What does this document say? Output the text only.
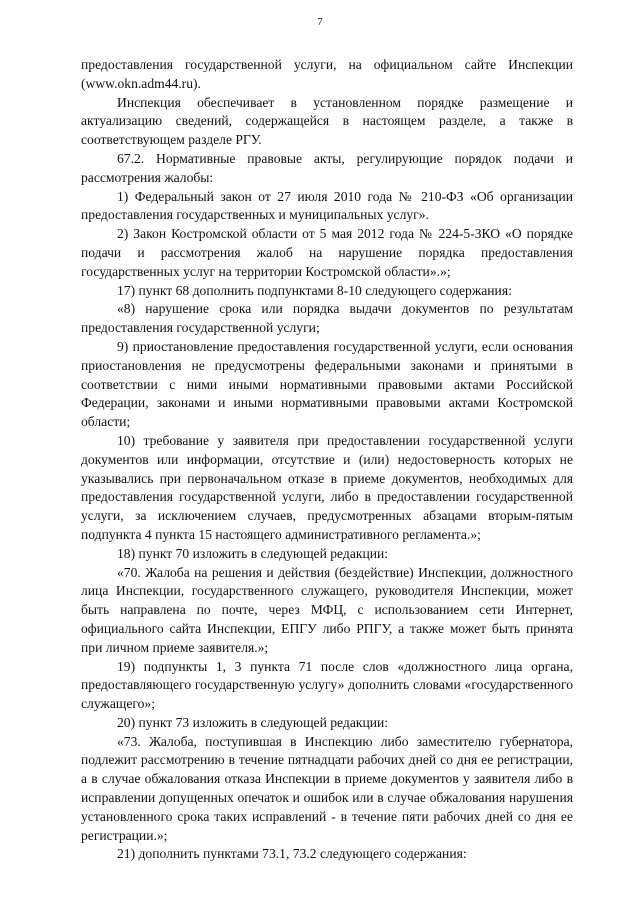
7

предоставления государственной услуги, на официальном сайте Инспекции (www.okn.adm44.ru).

Инспекция обеспечивает в установленном порядке размещение и актуализацию сведений, содержащейся в настоящем разделе, а также в соответствующем разделе РГУ.

67.2. Нормативные правовые акты, регулирующие порядок подачи и рассмотрения жалобы:

1) Федеральный закон от 27 июля 2010 года № 210-ФЗ «Об организации предоставления государственных и муниципальных услуг».

2) Закон Костромской области от 5 мая 2012 года № 224-5-ЗКО «О порядке подачи и рассмотрения жалоб на нарушение порядка предоставления государственных услуг на территории Костромской области».»;

17) пункт 68 дополнить подпунктами 8-10 следующего содержания:

«8) нарушение срока или порядка выдачи документов по результатам предоставления государственной услуги;

9) приостановление предоставления государственной услуги, если основания приостановления не предусмотрены федеральными законами и принятыми в соответствии с ними иными нормативными правовыми актами Российской Федерации, законами и иными нормативными правовыми актами Костромской области;

10) требование у заявителя при предоставлении государственной услуги документов или информации, отсутствие и (или) недостоверность которых не указывались при первоначальном отказе в приеме документов, необходимых для предоставления государственной услуги, либо в предоставлении государственной услуги, за исключением случаев, предусмотренных абзацами вторым-пятым подпункта 4 пункта 15 настоящего административного регламента.»;

18) пункт 70 изложить в следующей редакции:

«70. Жалоба на решения и действия (бездействие) Инспекции, должностного лица Инспекции, государственного служащего, руководителя Инспекции, может быть направлена по почте, через МФЦ, с использованием сети Интернет, официального сайта Инспекции, ЕПГУ либо РПГУ, а также может быть принята при личном приеме заявителя.»;

19) подпункты 1, 3 пункта 71 после слов «должностного лица органа, предоставляющего государственную услугу» дополнить словами «государственного служащего»;

20) пункт 73 изложить в следующей редакции:

«73. Жалоба, поступившая в Инспекцию либо заместителю губернатора, подлежит рассмотрению в течение пятнадцати рабочих дней со дня ее регистрации, а в случае обжалования отказа Инспекции в приеме документов у заявителя либо в исправлении допущенных опечаток и ошибок или в случае обжалования нарушения установленного срока таких исправлений - в течение пяти рабочих дней со дня ее регистрации.»;

21) дополнить пунктами 73.1, 73.2 следующего содержания:
